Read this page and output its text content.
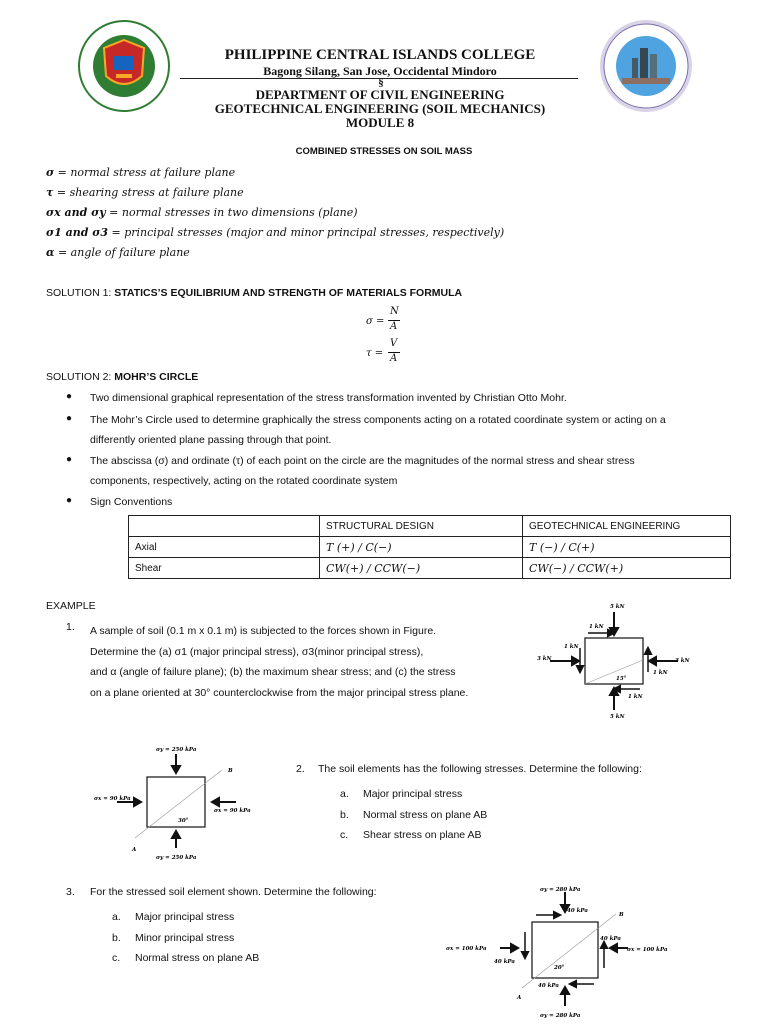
PHILIPPINE CENTRAL ISLANDS COLLEGE
Bagong Silang, San Jose, Occidental Mindoro
§
DEPARTMENT OF CIVIL ENGINEERING
GEOTECHNICAL ENGINEERING (SOIL MECHANICS)
MODULE 8
COMBINED STRESSES ON SOIL MASS
σ = normal stress at failure plane
τ = shearing stress at failure plane
σx and σy = normal stresses in two dimensions (plane)
σ1 and σ3 = principal stresses (major and minor principal stresses, respectively)
α = angle of failure plane
SOLUTION 1: STATICS’S EQUILIBRIUM AND STRENGTH OF MATERIALS FORMULA
σ =
N
A
τ =
V
A
SOLUTION 2: MOHR’S CIRCLE
● Two dimensional graphical representation of the stress transformation invented by Christian Otto Mohr.
● The Mohr’s Circle used to determine graphically the stress components acting on a rotated coordinate system or acting on a
differently oriented plane passing through that point.
● The abscissa (σ) and ordinate (τ) of each point on the circle are the magnitudes of the normal stress and shear stress
components, respectively, acting on the rotated coordinate system
● Sign Conventions
	STRUCTURAL DESIGN	GEOTECHNICAL ENGINEERING
Axial	T (+) / C(−)	T (−) / C(+)
Shear	CW(+) / CCW(−)	CW(−) / CCW(+)
EXAMPLE
1. A sample of soil (0.1 m x 0.1 m) is subjected to the forces shown in Figure.
Determine the (a) σ1 (major principal stress), σ3(minor principal stress),
and α (angle of failure plane); (b) the maximum shear stress; and (c) the stress
on a plane oriented at 30° counterclockwise from the major principal stress plane.
5 kN
1 kN
1 kN
3 kN	3 kN
1 kN
15°
1 kN
5 kN
σy = 250 kPa
B
σx = 90 kPa
σx = 90 kPa
30°
A
σy = 250 kPa
2. The soil elements has the following stresses. Determine the following:
a. Major principal stress
b. Normal stress on plane AB
c. Shear stress on plane AB
3. For the stressed soil element shown. Determine the following:
a. Major principal stress
b. Minor principal stress
c. Normal stress on plane AB
σy = 280 kPa
40 kPa
B
σx = 100 kPa
40 kPa
40 kPa
σx = 100 kPa
20°
A
40 kPa
σy = 280 kPa
